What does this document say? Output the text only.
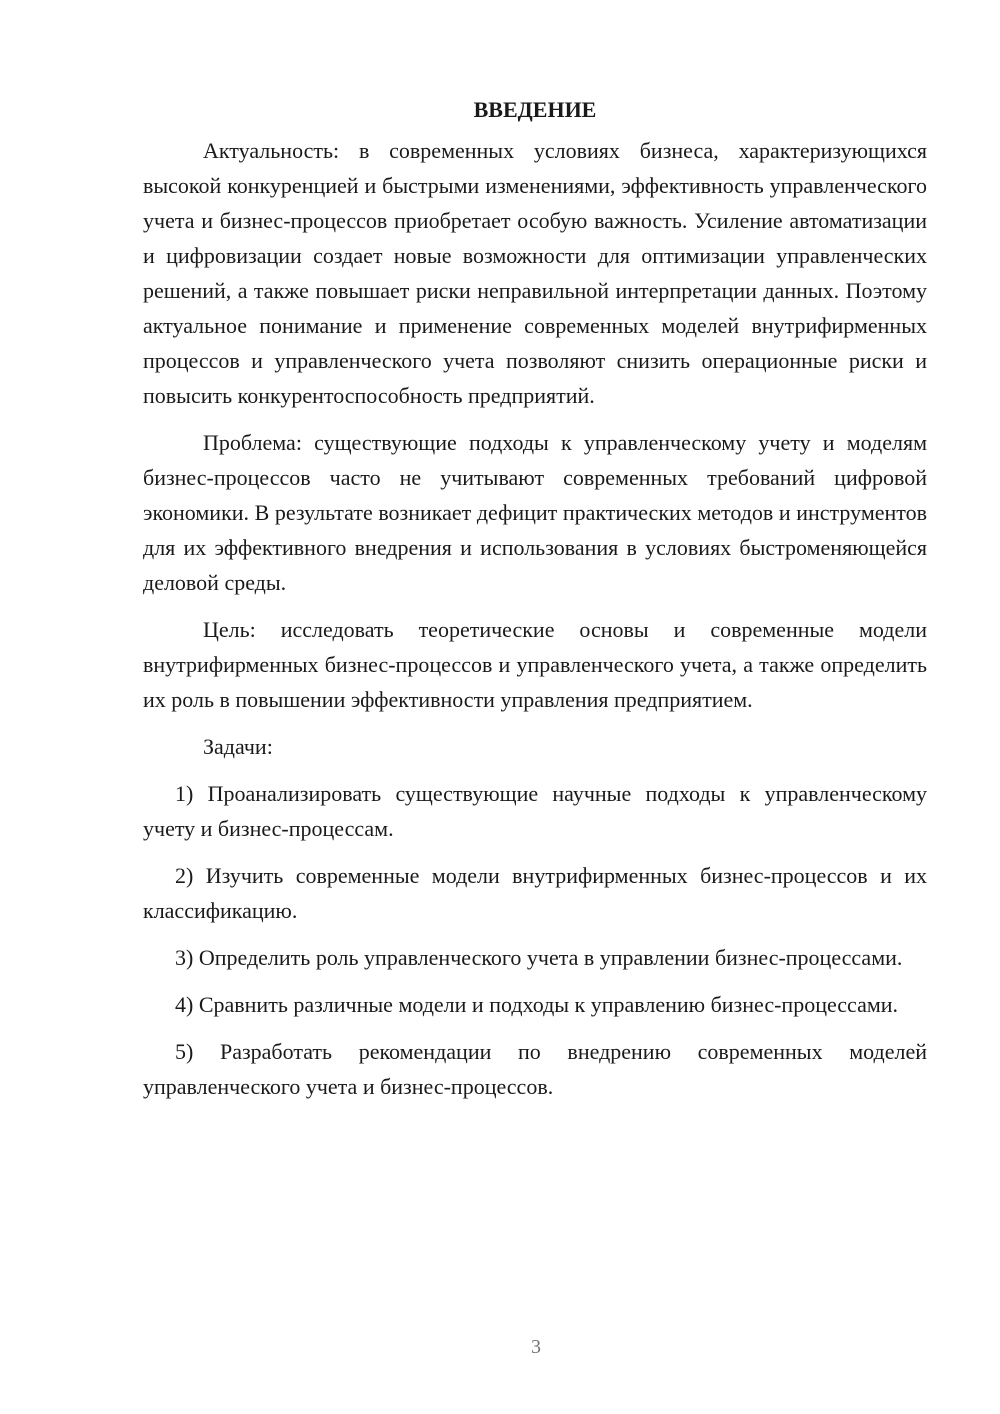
ВВЕДЕНИЕ

Актуальность: в современных условиях бизнеса, характеризующихся высокой конкуренцией и быстрыми изменениями, эффективность управленческого учета и бизнес-процессов приобретает особую важность. Усиление автоматизации и цифровизации создает новые возможности для оптимизации управленческих решений, а также повышает риски неправильной интерпретации данных. Поэтому актуальное понимание и применение современных моделей внутрифирменных процессов и управленческого учета позволяют снизить операционные риски и повысить конкурентоспособность предприятий.

Проблема: существующие подходы к управленческому учету и моделям бизнес-процессов часто не учитывают современных требований цифровой экономики. В результате возникает дефицит практических методов и инструментов для их эффективного внедрения и использования в условиях быстроменяющейся деловой среды.

Цель: исследовать теоретические основы и современные модели внутрифирменных бизнес-процессов и управленческого учета, а также определить их роль в повышении эффективности управления предприятием.

Задачи:

1) Проанализировать существующие научные подходы к управленческому учету и бизнес-процессам.

2) Изучить современные модели внутрифирменных бизнес-процессов и их классификацию.

3) Определить роль управленческого учета в управлении бизнес-процессами.

4) Сравнить различные модели и подходы к управлению бизнес-процессами.

5) Разработать рекомендации по внедрению современных моделей управленческого учета и бизнес-процессов.

3
